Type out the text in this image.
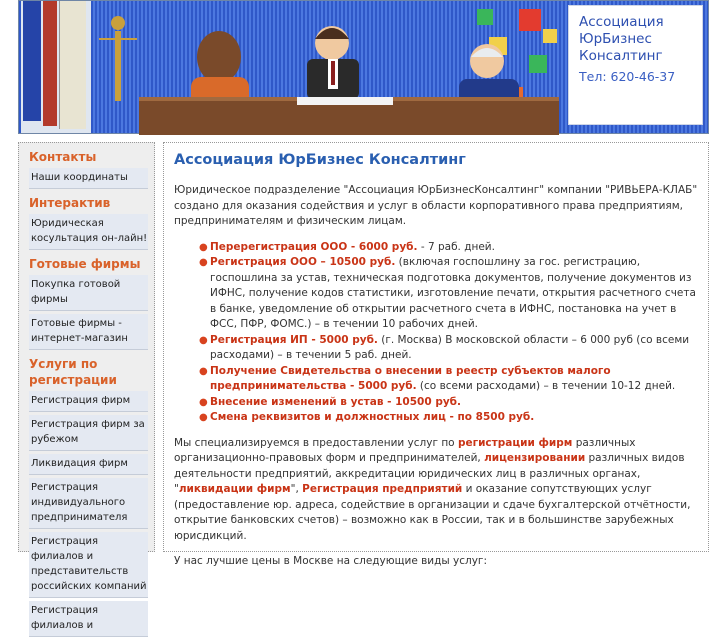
Ассоциация
ЮрБизнес
Консалтинг
Тел: 620-46-37
Контакты
Наши координаты
Интерактив
Юридическая косультация он-лайн!
Готовые фирмы
Покупка готовой фирмы
Готовые фирмы - интернет-магазин
Услуги по регистрации
Регистрация фирм
Регистрация фирм за рубежом
Ликвидация фирм
Регистрация индивидуального предпринимателя
Регистрация филиалов и представительств российских компаний
Регистрация филиалов и
Ассоциация ЮрБизнес Консалтинг

Юридическое подразделение "Ассоциация ЮрБизнесКонсалтинг" компании "РИВЬЕРА-КЛАБ" создано для оказания содействия и услуг в области корпоративного права предприятиям, предпринимателям и физическим лицам.

● Перерегистрация ООО - 6000 руб. - 7 раб. дней.
● Регистрация ООО – 10500 руб. (включая госпошлину за гос. регистрацию, госпошлина за устав, техническая подготовка документов, получение документов из ИФНС, получение кодов статистики, изготовление печати, открытия расчетного счета в банке, уведомление об открытии расчетного счета в ИФНС, постановка на учет в ФСС, ПФР, ФОМС.) – в течении 10 рабочих дней.
● Регистрация ИП - 5000 руб. (г. Москва) В московской области – 6 000 руб (со всеми расходами) – в течении 5 раб. дней.
● Получение Свидетельства о внесении в реестр субъектов малого предпринимательства - 5000 руб. (со всеми расходами) – в течении 10-12 дней.
● Внесение изменений в устав - 10500 руб.
● Смена реквизитов и должностных лиц - по 8500 руб.

Мы специализируемся в предоставлении услуг по регистрации фирм различных организационно-правовых форм и предпринимателей, лицензировании различных видов деятельности предприятий, аккредитации юридических лиц в различных органах, "ликвидации фирм", Регистрация предприятий и оказание сопутствующих услуг (предоставление юр. адреса, содействие в организации и сдаче бухгалтерской отчётности, открытие банковских счетов) – возможно как в России, так и в большинстве зарубежных юрисдикций.

У нас лучшие цены в Москве на следующие виды услуг:
